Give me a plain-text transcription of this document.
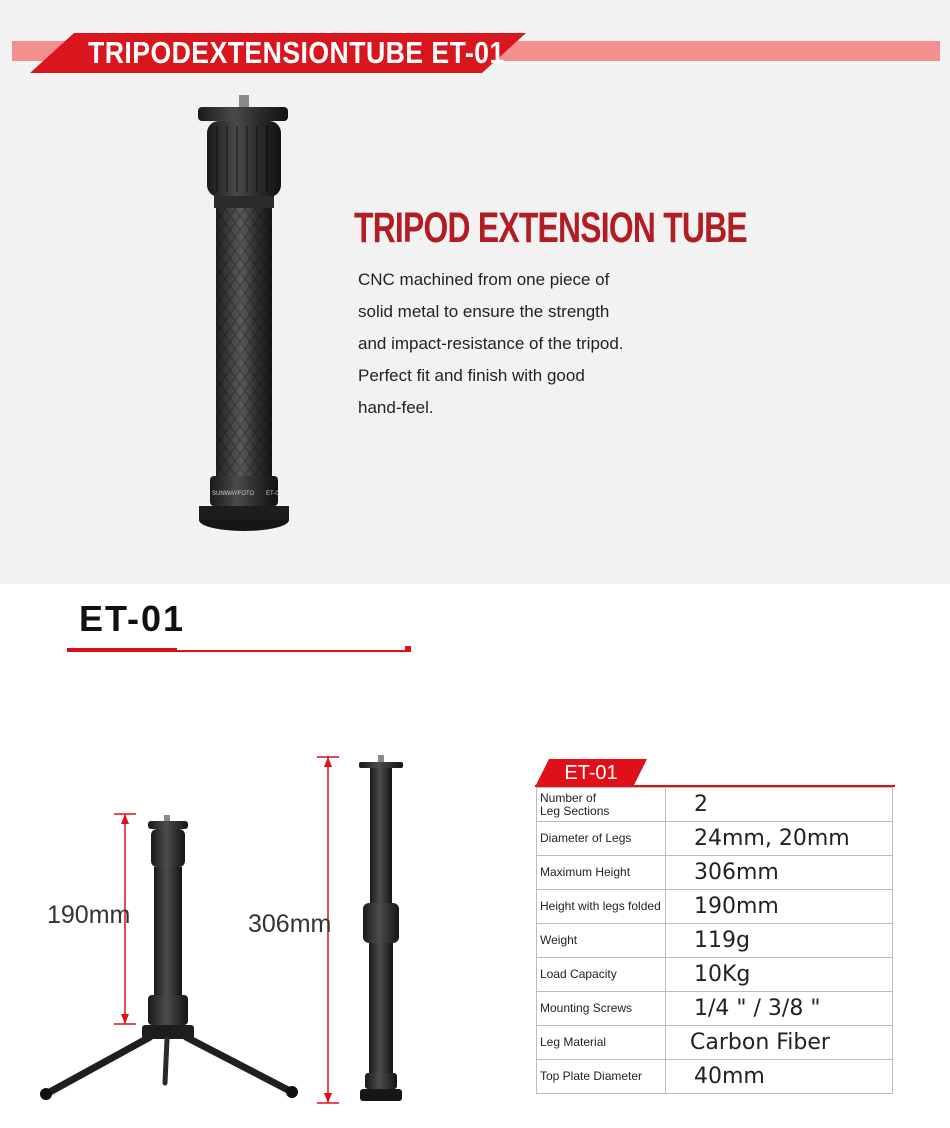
TRIPODEXTENSIONTUBE ET-01
SUNWAYFOTO ET-0
TRIPOD EXTENSION TUBE
CNC machined from one piece of
solid metal to ensure the strength
and impact-resistance of the tripod.
Perfect fit and finish with good
hand-feel.
ET-01
190mm	306mm
ET-01
Number of
Leg Sections	2
Diameter of Legs	24mm, 20mm
Maximum Height	306mm
Height with legs folded	190mm
Weight	119g
Load Capacity	10Kg
Mounting Screws	1/4 " / 3/8 "
Leg Material	Carbon Fiber
Top Plate Diameter	40mm
